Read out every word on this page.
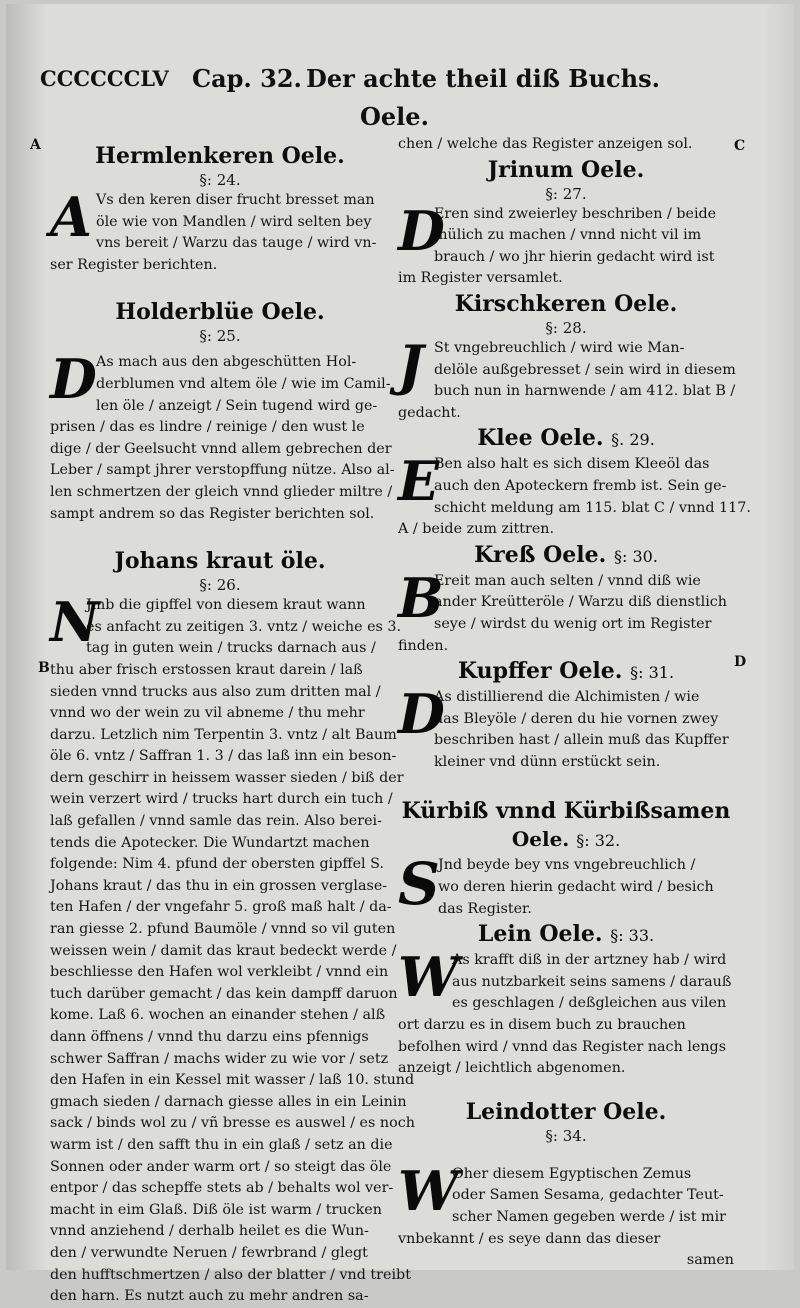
CCCCCCLV Cap. 32. Der achte theil diß Buchs.
Oele.
A	C
B	D
Hermlenkeren Oele.
§: 24.
A Vs den keren diser frucht bresset man

öle wie von Mandlen / wird selten bey

vns bereit / Warzu das tauge / wird vn-

ser Register berichten.

Holderblüe Oele.
§: 25.
D As mach aus den abgeschütten Hol-

derblumen vnd altem öle / wie im Camil-

len öle / anzeigt / Sein tugend wird ge-

prisen / das es lindre / reinige / den wust le

dige / der Geelsucht vnnd allem gebrechen der

Leber / sampt jhrer verstopffung nütze. Also al-

len schmertzen der gleich vnnd glieder miltre /

sampt andrem so das Register berichten sol.

Johans kraut öle.
§: 26.
N

Jmb die gipffel von diesem kraut wann

es anfacht zu zeitigen 3. vntz / weiche es 3.

tag in guten wein / trucks darnach aus /

thu aber frisch erstossen kraut darein / laß

sieden vnnd trucks aus also zum dritten mal /

vnnd wo der wein zu vil abneme / thu mehr

darzu. Letzlich nim Terpentin 3. vntz / alt Baum

öle 6. vntz / Saffran 1. 3 / das laß inn ein beson-

dern geschirr in heissem wasser sieden / biß der

wein verzert wird / trucks hart durch ein tuch /

laß gefallen / vnnd samle das rein. Also berei-

tends die Apotecker. Die Wundartzt machen

folgende: Nim 4. pfund der obersten gipffel S.

Johans kraut / das thu in ein grossen verglase-

ten Hafen / der vngefahr 5. groß maß halt / da-

ran giesse 2. pfund Baumöle / vnnd so vil guten

weissen wein / damit das kraut bedeckt werde /

beschliesse den Hafen wol verkleibt / vnnd ein

tuch darüber gemacht / das kein dampff daruon

kome. Laß 6. wochen an einander stehen / alß

dann öffnens / vnnd thu darzu eins pfennigs

schwer Saffran / machs wider zu wie vor / setz

den Hafen in ein Kessel mit wasser / laß 10. stund

gmach sieden / darnach giesse alles in ein Leinin

sack / binds wol zu / vñ bresse es auswel / es noch

warm ist / den safft thu in ein glaß / setz an die

Sonnen oder ander warm ort / so steigt das öle

entpor / das schepffe stets ab / behalts wol ver-

macht in eim Glaß. Diß öle ist warm / trucken

vnnd anziehend / derhalb heilet es die Wun-

den / verwundte Neruen / fewrbrand / glegt

den hufftschmertzen / also der blatter / vnd treibt

den harn. Es nutzt auch zu mehr andren sa-

chen / welche das Register anzeigen sol.

Jrinum Oele.
§: 27.
D

Eren sind zweierley beschriben / beide

mülich zu machen / vnnd nicht vil im

brauch / wo jhr hierin gedacht wird ist

im Register versamlet.

Kirschkeren Oele.
§: 28.
J St vngebreuchlich / wird wie Man-

delöle außgebresset / sein wird in diesem

buch nun in harnwende / am 412. blat B /

gedacht.

Klee Oele. §. 29.
E

Ben also halt es sich disem Kleeöl das

auch den Apoteckern fremb ist. Sein ge-

schicht meldung am 115. blat C / vnnd 117.

A / beide zum zittren.

Kreß Oele. §: 30.
B

Ereit man auch selten / vnnd diß wie

ander Kreütteröle / Warzu diß dienstlich

seye / wirdst du wenig ort im Register

finden.

Kupffer Oele. §: 31.
D

As distillierend die Alchimisten / wie

das Bleyöle / deren du hie vornen zwey

beschriben hast / allein muß das Kupffer

kleiner vnd dünn erstückt sein.

Kürbiß vnnd Kürbißsamen
Oele. §: 32.
S

Jnd beyde bey vns vngebreuchlich /

wo deren hierin gedacht wird / besich

das Register.

Lein Oele. §: 33.
W

As krafft diß in der artzney hab / wird

aus nutzbarkeit seins samens / darauß

es geschlagen / deßgleichen aus vilen

ort darzu es in disem buch zu brauchen

befolhen wird / vnnd das Register nach lengs

anzeigt / leichtlich abgenomen.

Leindotter Oele.
§: 34.
W

Oher diesem Egyptischen Zemus

oder Samen Sesama, gedachter Teut-

scher Namen gegeben werde / ist mir

vnbekannt / es seye dann das dieser

samen
